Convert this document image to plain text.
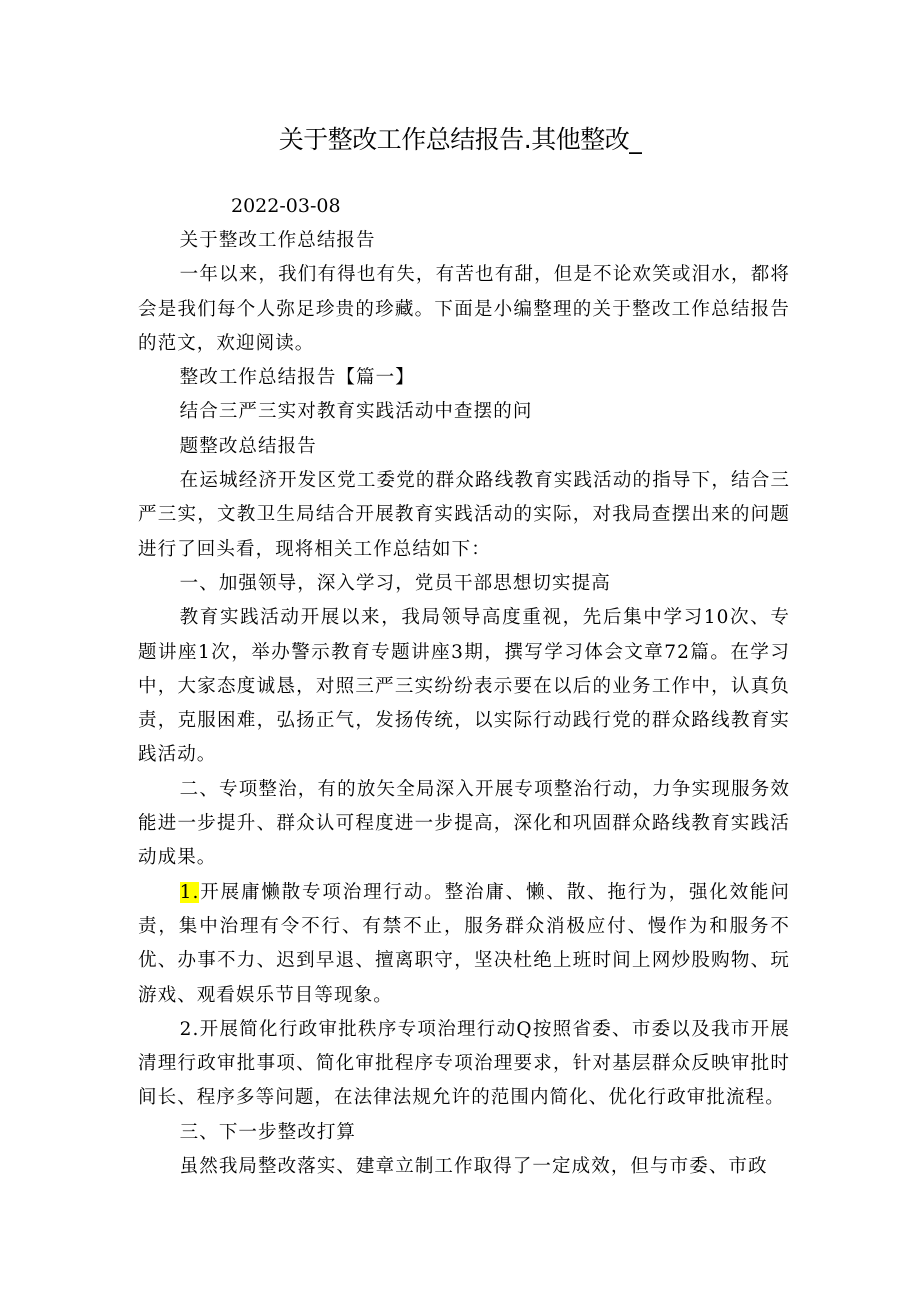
关于整改工作总结报告.其他整改_
2022-03-08

关于整改工作总结报告

一年以来，我们有得也有失，有苦也有甜，但是不论欢笑或泪水，都将会是我们每个人弥足珍贵的珍藏。下面是小编整理的关于整改工作总结报告的范文，欢迎阅读。

整改工作总结报告【篇一】

结合三严三实对教育实践活动中查摆的问

题整改总结报告

在运城经济开发区党工委党的群众路线教育实践活动的指导下，结合三严三实，文教卫生局结合开展教育实践活动的实际，对我局查摆出来的问题进行了回头看，现将相关工作总结如下：

一、加强领导，深入学习，党员干部思想切实提高

教育实践活动开展以来，我局领导高度重视，先后集中学习10次、专题讲座1次，举办警示教育专题讲座3期，撰写学习体会文章72篇。在学习中，大家态度诚恳，对照三严三实纷纷表示要在以后的业务工作中，认真负责，克服困难，弘扬正气，发扬传统，以实际行动践行党的群众路线教育实践活动。

二、专项整治，有的放矢全局深入开展专项整治行动，力争实现服务效能进一步提升、群众认可程度进一步提高，深化和巩固群众路线教育实践活动成果。

1.开展庸懒散专项治理行动。整治庸、懒、散、拖行为，强化效能问责，集中治理有令不行、有禁不止，服务群众消极应付、慢作为和服务不优、办事不力、迟到早退、擅离职守，坚决杜绝上班时间上网炒股购物、玩游戏、观看娱乐节目等现象。

2.开展简化行政审批秩序专项治理行动Q按照省委、市委以及我市开展清理行政审批事项、简化审批程序专项治理要求，针对基层群众反映审批时间长、程序多等问题，在法律法规允许的范围内简化、优化行政审批流程。

三、下一步整改打算

虽然我局整改落实、建章立制工作取得了一定成效，但与市委、市政
